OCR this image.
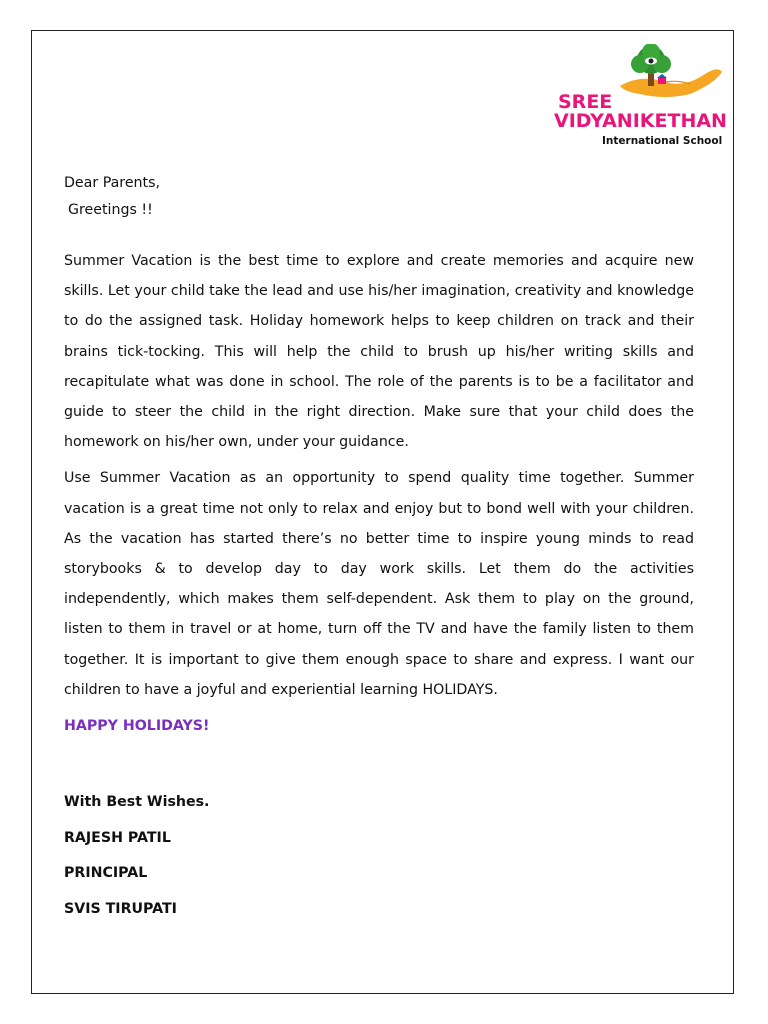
SREE
VIDYANIKETHAN
International School

Dear Parents,

Greetings !!

Summer Vacation is the best time to explore and create memories and acquire new skills. Let your child take the lead and use his/her imagination, creativity and knowledge to do the assigned task. Holiday homework helps to keep children on track and their brains tick-tocking. This will help the child to brush up his/her writing skills and recapitulate what was done in school. The role of the parents is to be a facilitator and guide to steer the child in the right direction. Make sure that your child does the homework on his/her own, under your guidance.

Use Summer Vacation as an opportunity to spend quality time together. Summer vacation is a great time not only to relax and enjoy but to bond well with your children. As the vacation has started there’s no better time to inspire young minds to read storybooks & to develop day to day work skills. Let them do the activities independently, which makes them self-dependent. Ask them to play on the ground, listen to them in travel or at home, turn off the TV and have the family listen to them together. It is important to give them enough space to share and express. I want our children to have a joyful and experiential learning HOLIDAYS.

HAPPY HOLIDAYS!

With Best Wishes.
RAJESH PATIL
PRINCIPAL
SVIS TIRUPATI
